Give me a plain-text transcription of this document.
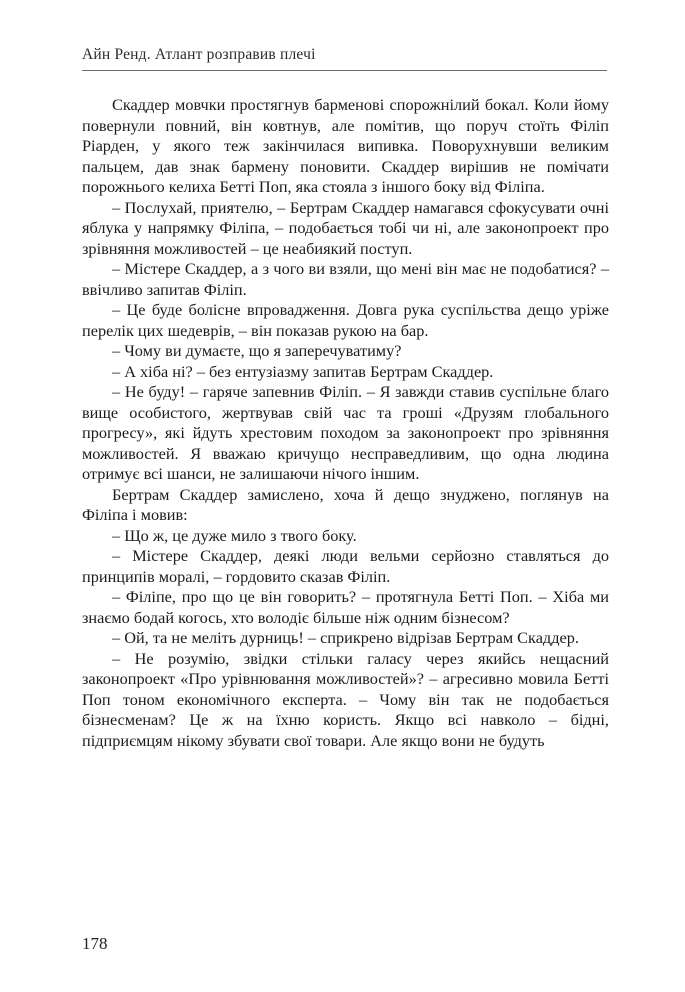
Айн Ренд. Атлант розправив плечі

Скаддер мовчки простягнув барменові спорожнілий бокал. Коли йому повернули повний, він ковтнув, але помітив, що поруч стоїть Філіп Ріарден, у якого теж закінчилася випивка. Поворухнувши великим пальцем, дав знак бармену поновити. Скаддер вирішив не помічати порожнього келиха Бетті Поп, яка стояла з іншого боку від Філіпа.

– Послухай, приятелю, – Бертрам Скаддер намагався сфокусувати очні яблука у напрямку Філіпа, – подобається тобі чи ні, але законопроект про зрівняння можливостей – це неабиякий поступ.

– Містере Скаддер, а з чого ви взяли, що мені він має не подобатися? – ввічливо запитав Філіп.

– Це буде болісне впровадження. Довга рука суспільства дещо уріже перелік цих шедеврів, – він показав рукою на бар.

– Чому ви думаєте, що я заперечуватиму?

– А хіба ні? – без ентузіазму запитав Бертрам Скаддер.

– Не буду! – гаряче запевнив Філіп. – Я завжди ставив суспільне благо вище особистого, жертвував свій час та гроші «Друзям глобального прогресу», які йдуть хрестовим походом за законопроект про зрівняння можливостей. Я вважаю кричущо несправедливим, що одна людина отримує всі шанси, не залишаючи нічого іншим.

Бертрам Скаддер замислено, хоча й дещо знуджено, поглянув на Філіпа і мовив:

– Що ж, це дуже мило з твого боку.

– Містере Скаддер, деякі люди вельми серйозно ставляться до принципів моралі, – гордовито сказав Філіп.

– Філіпе, про що це він говорить? – протягнула Бетті Поп. – Хіба ми знаємо бодай когось, хто володіє більше ніж одним бізнесом?

– Ой, та не меліть дурниць! – сприкрено відрізав Бертрам Скаддер.

– Не розумію, звідки стільки галасу через якийсь нещасний законопроект «Про урівнювання можливостей»? – агресивно мовила Бетті Поп тоном економічного експерта. – Чому він так не подобається бізнесменам? Це ж на їхню користь. Якщо всі навколо – бідні, підприємцям нікому збувати свої товари. Але якщо вони не будуть

178
